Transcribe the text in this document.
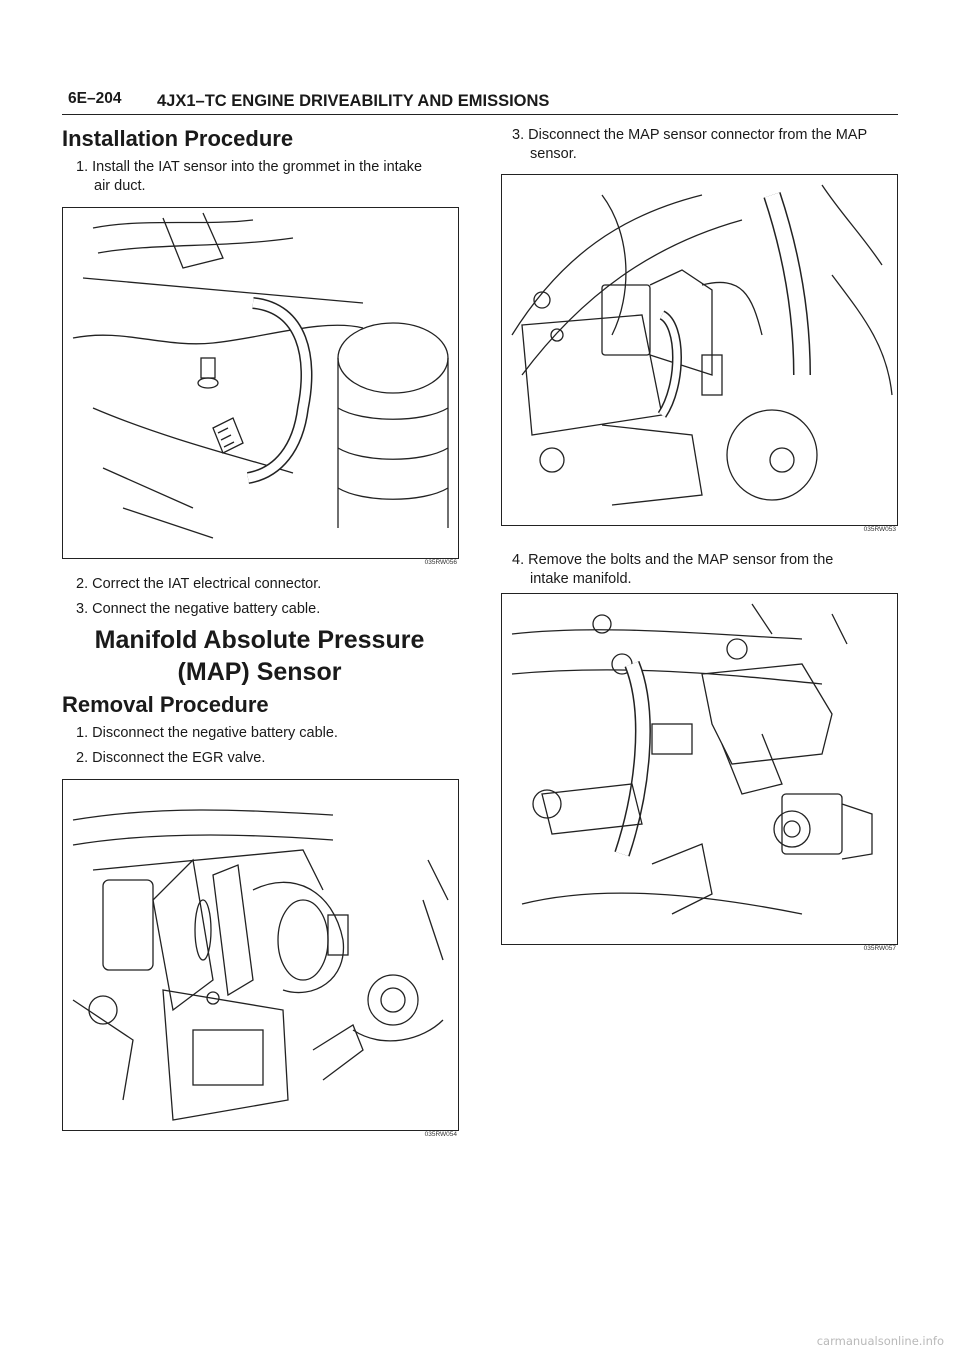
6E–204 4JX1–TC ENGINE DRIVEABILITY AND EMISSIONS
Installation Procedure
1. Install the IAT sensor into the grommet in the intake
air duct.
035RW056
2. Correct the IAT electrical connector.
3. Connect the negative battery cable.
Manifold Absolute Pressure
(MAP) Sensor
Removal Procedure
1. Disconnect the negative battery cable.
2. Disconnect the EGR valve.
035RW054
3. Disconnect the MAP sensor connector from the MAP
sensor.
035RW053
4. Remove the bolts and the MAP sensor from the
intake manifold.
035RW057
carmanualsonline.info
